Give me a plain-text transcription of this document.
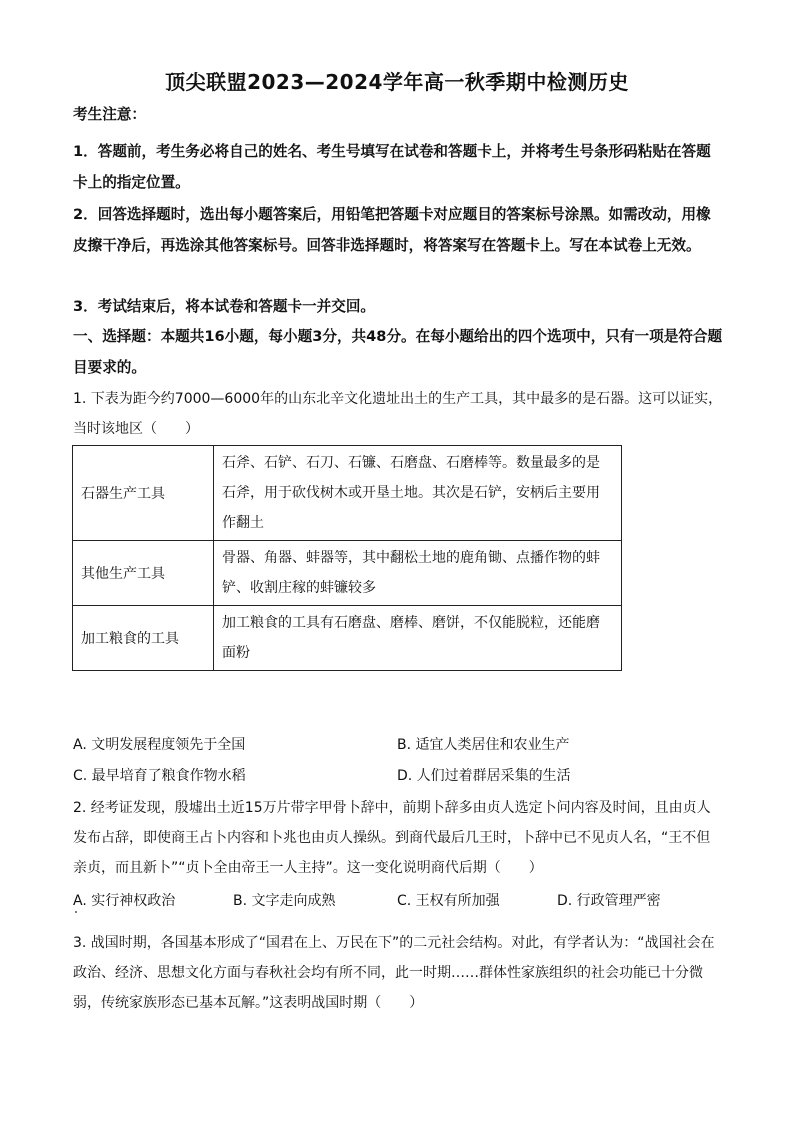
顶尖联盟2023—2024学年高一秋季期中检测历史
考生注意：
1．答题前，考生务必将自己的姓名、考生号填写在试卷和答题卡上，并将考生号条形码粘贴在答题卡上的指定位置。
2．回答选择题时，选出每小题答案后，用铅笔把答题卡对应题目的答案标号涂黑。如需改动，用橡皮擦干净后，再选涂其他答案标号。回答非选择题时，将答案写在答题卡上。写在本试卷上无效。
3．考试结束后，将本试卷和答题卡一并交回。
一、选择题：本题共16小题，每小题3分，共48分。在每小题给出的四个选项中，只有一项是符合题目要求的。
1. 下表为距今约7000—6000年的山东北辛文化遗址出土的生产工具，其中最多的是石器。这可以证实，当时该地区（　　）
石器生产工具	石斧、石铲、石刀、石镰、石磨盘、石磨棒等。数量最多的是石斧，用于砍伐树木或开垦土地。其次是石铲，安柄后主要用作翻土
其他生产工具	骨器、角器、蚌器等，其中翻松土地的鹿角锄、点播作物的蚌铲、收割庄稼的蚌镰较多
加工粮食的工具	加工粮食的工具有石磨盘、磨棒、磨饼，不仅能脱粒，还能磨面粉
A. 文明发展程度领先于全国	B. 适宜人类居住和农业生产
C. 最早培育了粮食作物水稻	D. 人们过着群居采集的生活
2. 经考证发现，殷墟出土近15万片带字甲骨卜辞中，前期卜辞多由贞人选定卜问内容及时间，且由贞人发布占辞，即使商王占卜内容和卜兆也由贞人操纵。到商代最后几王时，卜辞中已不见贞人名，“王不但亲贞，而且新卜”“贞卜全由帝王一人主持”。这一变化说明商代后期（　　）
A. 实行神权政治	B. 文字走向成熟	C. 王权有所加强	D. 行政管理严密
3. 战国时期，各国基本形成了“国君在上、万民在下”的二元社会结构。对此，有学者认为：“战国社会在政治、经济、思想文化方面与春秋社会均有所不同，此一时期……群体性家族组织的社会功能已十分微弱，传统家族形态已基本瓦解。”这表明战国时期（　　）
